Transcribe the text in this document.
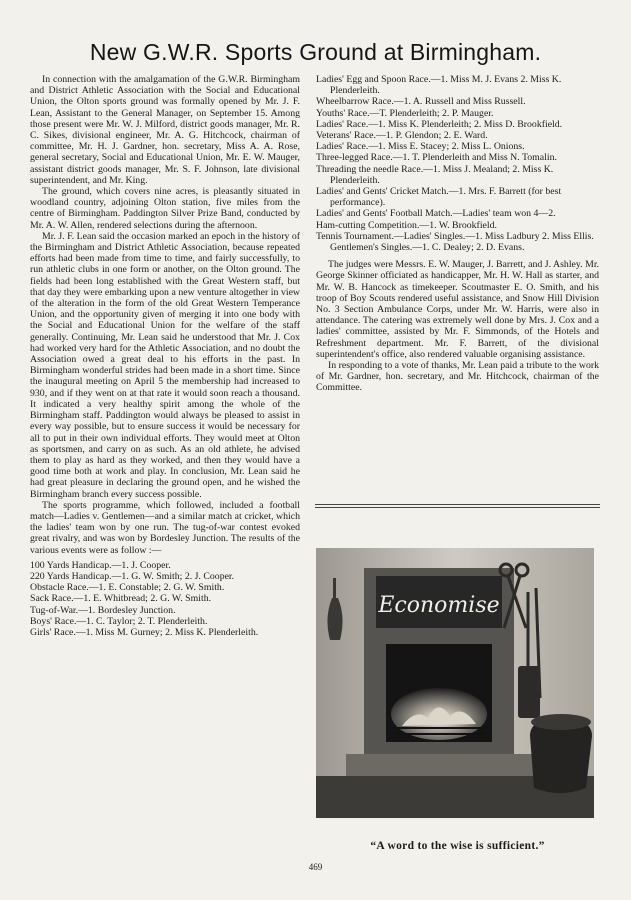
New G.W.R. Sports Ground at Birmingham.

In connection with the amalgamation of the G.W.R. Birmingham and District Athletic Association with the Social and Educational Union, the Olton sports ground was formally opened by Mr. J. F. Lean, Assistant to the General Manager, on September 15. Among those present were Mr. W. J. Milford, district goods manager, Mr. R. C. Sikes, divisional engineer, Mr. A. G. Hitchcock, chairman of committee, Mr. H. J. Gardner, hon. secretary, Miss A. A. Rose, general secretary, Social and Educational Union, Mr. E. W. Mauger, assistant district goods manager, Mr. S. F. Johnson, late divisional superintendent, and Mr. King.

The ground, which covers nine acres, is pleasantly situated in woodland country, adjoining Olton station, five miles from the centre of Birmingham. Paddington Silver Prize Band, conducted by Mr. A. W. Allen, rendered selections during the afternoon.

Mr. J. F. Lean said the occasion marked an epoch in the history of the Birmingham and District Athletic Association, because repeated efforts had been made from time to time, and fairly successfully, to run athletic clubs in one form or another, on the Olton ground. The fields had been long established with the Great Western staff, but that day they were embarking upon a new venture altogether in view of the alteration in the form of the old Great Western Temperance Union, and the opportunity given of merging it into one body with the Social and Educational Union for the welfare of the staff generally. Continuing, Mr. Lean said he understood that Mr. J. Cox had worked very hard for the Athletic Association, and no doubt the Association owed a great deal to his efforts in the past. In Birmingham wonderful strides had been made in a short time. Since the inaugural meeting on April 5 the membership had increased to 930, and if they went on at that rate it would soon reach a thousand. It indicated a very healthy spirit among the whole of the Birmingham staff. Paddington would always be pleased to assist in every way possible, but to ensure success it would be necessary for all to put in their own individual efforts. They would meet at Olton as sportsmen, and carry on as such. As an old athlete, he advised them to play as hard as they worked, and then they would have a good time both at work and play. In conclusion, Mr. Lean said he had great pleasure in declaring the ground open, and he wished the Birmingham branch every success possible.

The sports programme, which followed, included a football match—Ladies v. Gentlemen—and a similar match at cricket, which the ladies' team won by one run. The tug-of-war contest evoked great rivalry, and was won by Bordesley Junction. The results of the various events were as follow :—

100 Yards Handicap.—1. J. Cooper.
220 Yards Handicap.—1. G. W. Smith; 2. J. Cooper.
Obstacle Race.—1. E. Constable; 2. G. W. Smith.
Sack Race.—1. E. Whitbread; 2. G. W. Smith.
Tug-of-War.—1. Bordesley Junction.
Boys' Race.—1. C. Taylor; 2. T. Plenderleith.
Girls' Race.—1. Miss M. Gurney; 2. Miss K. Plenderleith.
Ladies' Egg and Spoon Race.—1. Miss M. J. Evans 2. Miss K. Plenderleith.
Wheelbarrow Race.—1. A. Russell and Miss Russell.
Youths' Race.—T. Plenderleith; 2. P. Mauger.
Ladies' Race.—1. Miss K. Plenderleith; 2. Miss D. Brookfield.
Veterans' Race.—1. P. Glendon; 2. E. Ward.
Ladies' Race.—1. Miss E. Stacey; 2. Miss L. Onions.
Three-legged Race.—1. T. Plenderleith and Miss N. Tomalin.
Threading the needle Race.—1. Miss J. Mealand; 2. Miss K. Plenderleith.
Ladies' and Gents' Cricket Match.—1. Mrs. F. Barrett (for best performance).
Ladies' and Gents' Football Match.—Ladies' team won 4—2.
Ham-cutting Competition.—1. W. Brookfield.
Tennis Tournament.—Ladies' Singles.—1. Miss Ladbury 2. Miss Ellis. Gentlemen's Singles.—1. C. Dealey; 2. D. Evans.

The judges were Messrs. E. W. Mauger, J. Barrett, and J. Ashley. Mr. George Skinner officiated as handicapper, Mr. H. W. Hall as starter, and Mr. W. B. Hancock as timekeeper. Scoutmaster E. O. Smith, and his troop of Boy Scouts rendered useful assistance, and Snow Hill Division No. 3 Section Ambulance Corps, under Mr. W. Harris, were also in attendance. The catering was extremely well done by Mrs. J. Cox and a ladies' committee, assisted by Mr. F. Simmonds, of the Hotels and Refreshment department. Mr. F. Barrett, of the divisional superintendent's office, also rendered valuable organising assistance.

In responding to a vote of thanks, Mr. Lean paid a tribute to the work of Mr. Gardner, hon. secretary, and Mr. Hitchcock, chairman of the Committee.

Economise
“A word to the wise is sufficient.”
469
